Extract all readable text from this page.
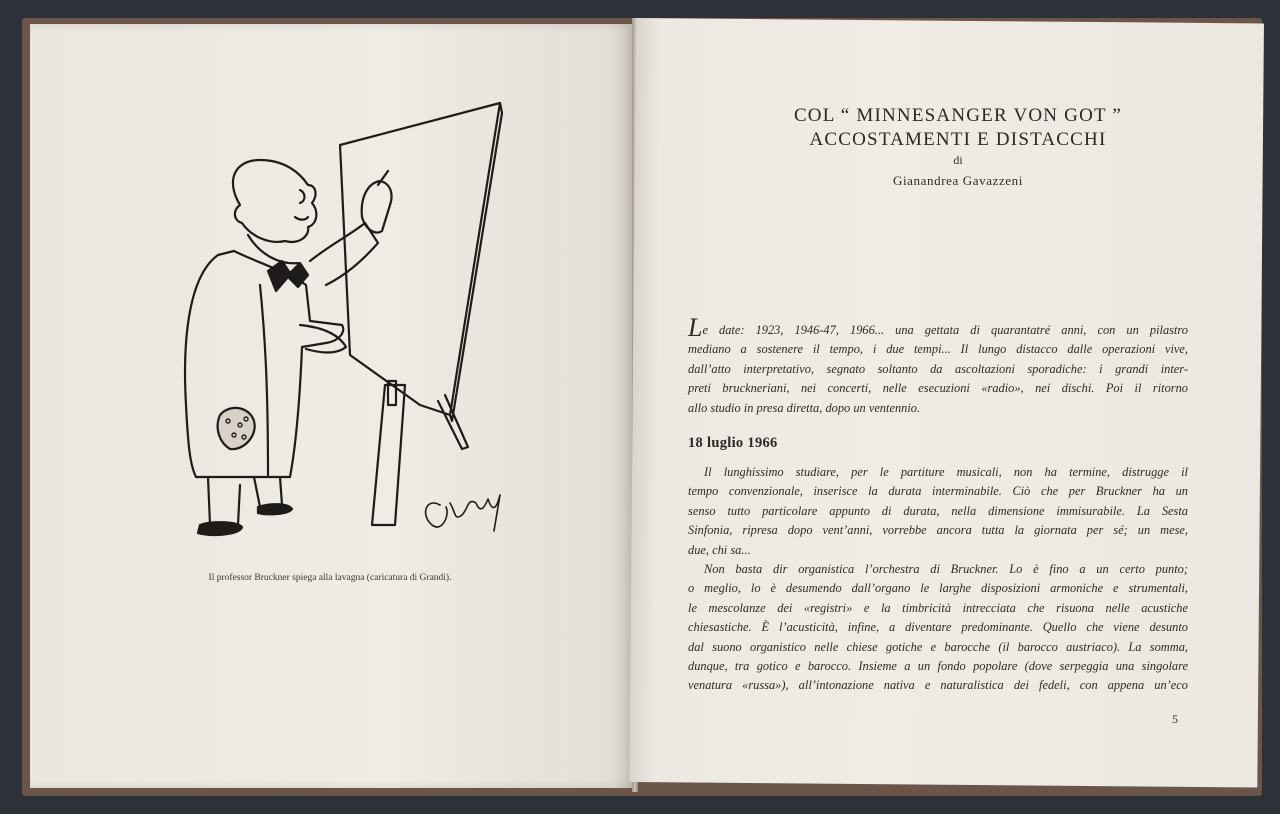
Il professor Bruckner spiega alla lavagna (caricatura di Grandi).
COL “ MINNESANGER VON GOT ”
ACCOSTAMENTI E DISTACCHI
di
Gianandrea Gavazzeni
Le date: 1923, 1946-47, 1966... una gettata di quarantatré anni, con un pilastro
mediano a sostenere il tempo, i due tempi... Il lungo distacco dalle operazioni vive,
dall’atto interpretativo, segnato soltanto da ascoltazioni sporadiche: i grandi inter-
preti bruckneriani, nei concerti, nelle esecuzioni «radio», nei dischi. Poi il ritorno
allo studio in presa diretta, dopo un ventennio.
18 luglio 1966
Il lunghissimo studiare, per le partiture musicali, non ha termine, distrugge il
tempo convenzionale, inserisce la durata interminabile. Ciò che per Bruckner ha un
senso tutto particolare appunto di durata, nella dimensione immisurabile. La Sesta
Sinfonia, ripresa dopo vent’anni, vorrebbe ancora tutta la giornata per sé; un mese,
due, chi sa...
Non basta dir organistica l’orchestra di Bruckner. Lo è fino a un certo punto;
o meglio, lo è desumendo dall’organo le larghe disposizioni armoniche e strumentali,
le mescolanze dei «registri» e la timbricità intrecciata che risuona nelle acustiche
chiesastiche. È l’acusticità, infine, a diventare predominante. Quello che viene desunto
dal suono organistico nelle chiese gotiche e barocche (il barocco austriaco). La somma,
dunque, tra gotico e barocco. Insieme a un fondo popolare (dove serpeggia una singolare
venatura «russa»), all’intonazione nativa e naturalistica dei fedeli, con appena un’eco
5
